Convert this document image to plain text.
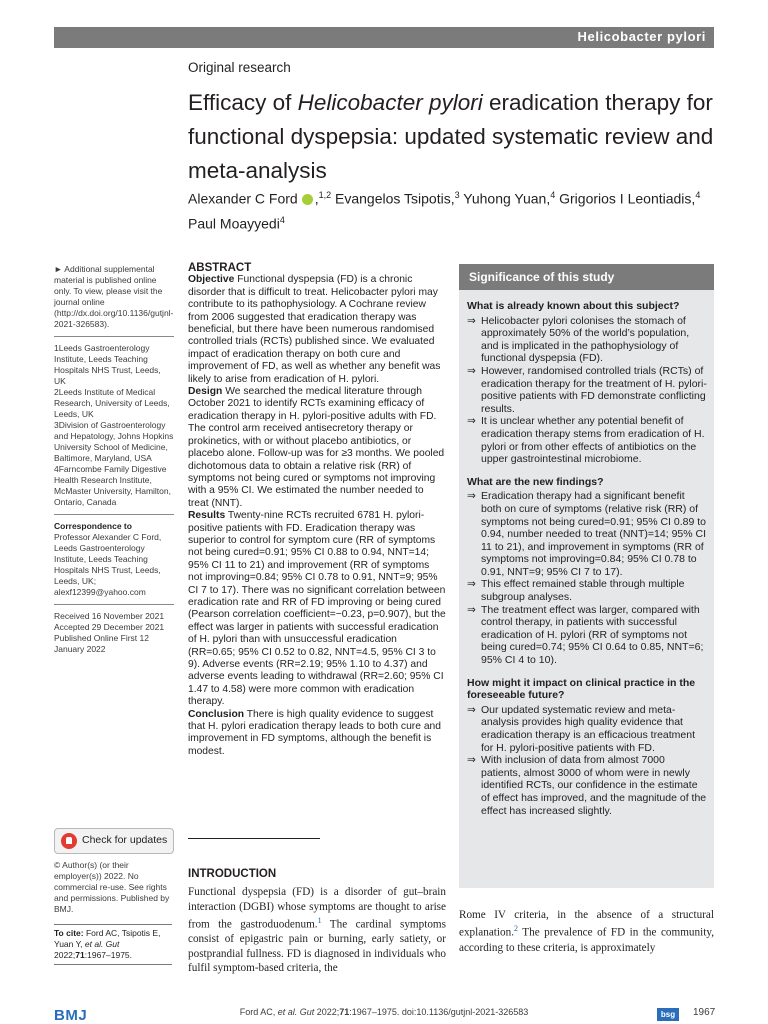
Helicobacter pylori
Original research
Efficacy of Helicobacter pylori eradication therapy for functional dyspepsia: updated systematic review and meta-analysis
Alexander C Ford ,$^{1,2}$ Evangelos Tsipotis,$^3$ Yuhong Yuan,$^4$ Grigorios I Leontiadis,$^4$
Paul Moayyedi$^4$

► Additional supplemental material is published online only. To view, please visit the journal online (http://dx.doi.org/10.1136/gutjnl-2021-326583).

1Leeds Gastroenterology Institute, Leeds Teaching Hospitals NHS Trust, Leeds, UK

2Leeds Institute of Medical Research, University of Leeds, Leeds, UK

3Division of Gastroenterology and Hepatology, Johns Hopkins University School of Medicine, Baltimore, Maryland, USA

4Farncombe Family Digestive Health Research Institute, McMaster University, Hamilton, Ontario, Canada

Correspondence to

Professor Alexander C Ford, Leeds Gastroenterology Institute, Leeds Teaching Hospitals NHS Trust, Leeds, Leeds, UK; alexf12399@yahoo.com

Received 16 November 2021

Accepted 29 December 2021

Published Online First 12 January 2022

Check for updates

© Author(s) (or their employer(s)) 2022. No commercial re-use. See rights and permissions. Published by BMJ.

To cite: Ford AC, Tsipotis E, Yuan Y, et al. Gut 2022;71:1967–1975.
ABSTRACT

Objective Functional dyspepsia (FD) is a chronic disorder that is difficult to treat. Helicobacter pylori may contribute to its pathophysiology. A Cochrane review from 2006 suggested that eradication therapy was beneficial, but there have been numerous randomised controlled trials (RCTs) published since. We evaluated impact of eradication therapy on both cure and improvement of FD, as well as whether any benefit was likely to arise from eradication of H. pylori.

Design We searched the medical literature through October 2021 to identify RCTs examining efficacy of eradication therapy in H. pylori-positive adults with FD. The control arm received antisecretory therapy or prokinetics, with or without placebo antibiotics, or placebo alone. Follow-up was for ≥3 months. We pooled dichotomous data to obtain a relative risk (RR) of symptoms not being cured or symptoms not improving with a 95% CI. We estimated the number needed to treat (NNT).

Results Twenty-nine RCTs recruited 6781 H. pylori-positive patients with FD. Eradication therapy was superior to control for symptom cure (RR of symptoms not being cured=0.91; 95% CI 0.88 to 0.94, NNT=14; 95% CI 11 to 21) and improvement (RR of symptoms not improving=0.84; 95% CI 0.78 to 0.91, NNT=9; 95% CI 7 to 17). There was no significant correlation between eradication rate and RR of FD improving or being cured (Pearson correlation coefficient=−0.23, p=0.907), but the effect was larger in patients with successful eradication of H. pylori than with unsuccessful eradication (RR=0.65; 95% CI 0.52 to 0.82, NNT=4.5, 95% CI 3 to 9). Adverse events (RR=2.19; 95% 1.10 to 4.37) and adverse events leading to withdrawal (RR=2.60; 95% CI 1.47 to 4.58) were more common with eradication therapy.

Conclusion There is high quality evidence to suggest that H. pylori eradication therapy leads to both cure and improvement in FD symptoms, although the benefit is modest.

INTRODUCTION

Functional dyspepsia (FD) is a disorder of gut–brain interaction (DGBI) whose symptoms are thought to arise from the gastroduodenum.$^1$ The cardinal symptoms consist of epigastric pain or burning, early satiety, or postprandial fullness. FD is diagnosed in individuals who fulfil symptom-based criteria, the

Significance of this study

What is already known about this subject?

⇒ Helicobacter pylori colonises the stomach of approximately 50% of the world’s population, and is implicated in the pathophysiology of functional dyspepsia (FD).
⇒ However, randomised controlled trials (RCTs) of eradication therapy for the treatment of H. pylori-positive patients with FD demonstrate conflicting results.
⇒ It is unclear whether any potential benefit of eradication therapy stems from eradication of H. pylori or from other effects of antibiotics on the upper gastrointestinal microbiome.

What are the new findings?

⇒ Eradication therapy had a significant benefit both on cure of symptoms (relative risk (RR) of symptoms not being cured=0.91; 95% CI 0.89 to 0.94, number needed to treat (NNT)=14; 95% CI 11 to 21), and improvement in symptoms (RR of symptoms not improving=0.84; 95% CI 0.78 to 0.91, NNT=9; 95% CI 7 to 17).
⇒ This effect remained stable through multiple subgroup analyses.
⇒ The treatment effect was larger, compared with control therapy, in patients with successful eradication of H. pylori (RR of symptoms not being cured=0.74; 95% CI 0.64 to 0.85, NNT=6; 95% CI 4 to 10).

How might it impact on clinical practice in the foreseeable future?

⇒ Our updated systematic review and meta-analysis provides high quality evidence that eradication therapy is an efficacious treatment for H. pylori-positive patients with FD.
⇒ With inclusion of data from almost 7000 patients, almost 3000 of whom were in newly identified RCTs, our confidence in the estimate of effect has improved, and the magnitude of the effect has increased slightly.
Rome IV criteria, in the absence of a structural explanation.$^2$ The prevalence of FD in the community, according to these criteria, is approximately
Ford AC, et al. Gut 2022;71:1967–1975. doi:10.1136/gutjnl-2021-326583
BMJ	bsg	1967
